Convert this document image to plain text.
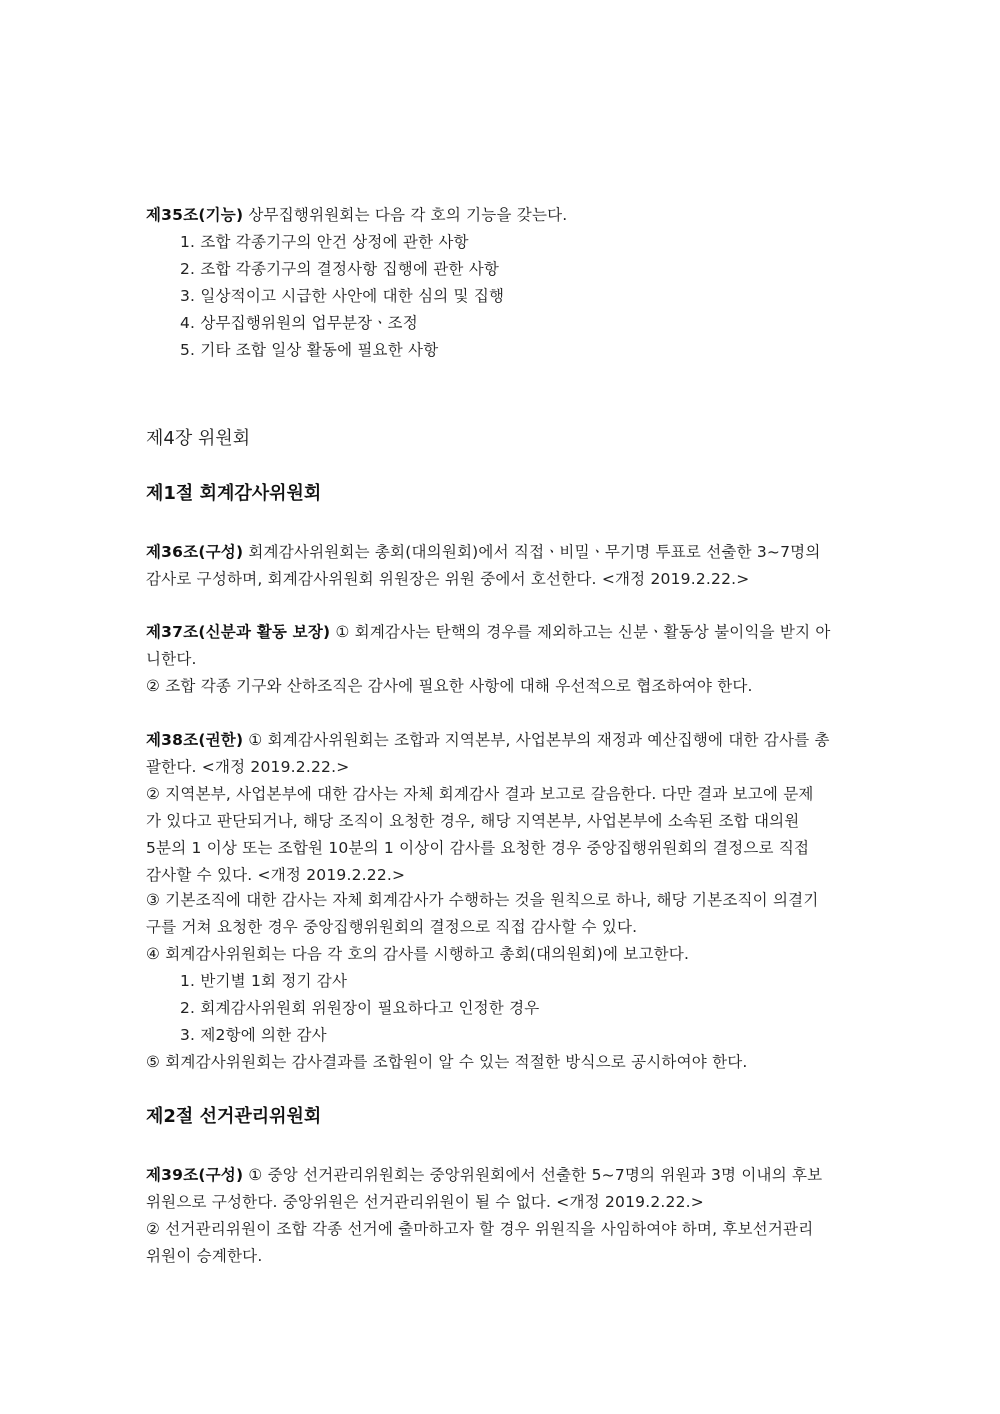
제35조(기능) 상무집행위원회는 다음 각 호의 기능을 갖는다.
1. 조합 각종기구의 안건 상정에 관한 사항
2. 조합 각종기구의 결정사항 집행에 관한 사항
3. 일상적이고 시급한 사안에 대한 심의 및 집행
4. 상무집행위원의 업무분장ㆍ조정
5. 기타 조합 일상 활동에 필요한 사항
제4장 위원회
제1절 회계감사위원회
제36조(구성) 회계감사위원회는 총회(대의원회)에서 직접ㆍ비밀ㆍ무기명 투표로 선출한 3~7명의
감사로 구성하며, 회계감사위원회 위원장은 위원 중에서 호선한다. <개정 2019.2.22.>
제37조(신분과 활동 보장) ① 회계감사는 탄핵의 경우를 제외하고는 신분ㆍ활동상 불이익을 받지 아
니한다.
② 조합 각종 기구와 산하조직은 감사에 필요한 사항에 대해 우선적으로 협조하여야 한다.
제38조(권한) ① 회계감사위원회는 조합과 지역본부, 사업본부의 재정과 예산집행에 대한 감사를 총
괄한다. <개정 2019.2.22.>
② 지역본부, 사업본부에 대한 감사는 자체 회계감사 결과 보고로 갈음한다. 다만 결과 보고에 문제
가 있다고 판단되거나, 해당 조직이 요청한 경우, 해당 지역본부, 사업본부에 소속된 조합 대의원
5분의 1 이상 또는 조합원 10분의 1 이상이 감사를 요청한 경우 중앙집행위원회의 결정으로 직접
감사할 수 있다. <개정 2019.2.22.>
③ 기본조직에 대한 감사는 자체 회계감사가 수행하는 것을 원칙으로 하나, 해당 기본조직이 의결기
구를 거쳐 요청한 경우 중앙집행위원회의 결정으로 직접 감사할 수 있다.
④ 회계감사위원회는 다음 각 호의 감사를 시행하고 총회(대의원회)에 보고한다.
1. 반기별 1회 정기 감사
2. 회계감사위원회 위원장이 필요하다고 인정한 경우
3. 제2항에 의한 감사
⑤ 회계감사위원회는 감사결과를 조합원이 알 수 있는 적절한 방식으로 공시하여야 한다.
제2절 선거관리위원회
제39조(구성) ① 중앙 선거관리위원회는 중앙위원회에서 선출한 5~7명의 위원과 3명 이내의 후보
위원으로 구성한다. 중앙위원은 선거관리위원이 될 수 없다. <개정 2019.2.22.>
② 선거관리위원이 조합 각종 선거에 출마하고자 할 경우 위원직을 사임하여야 하며, 후보선거관리
위원이 승계한다.
